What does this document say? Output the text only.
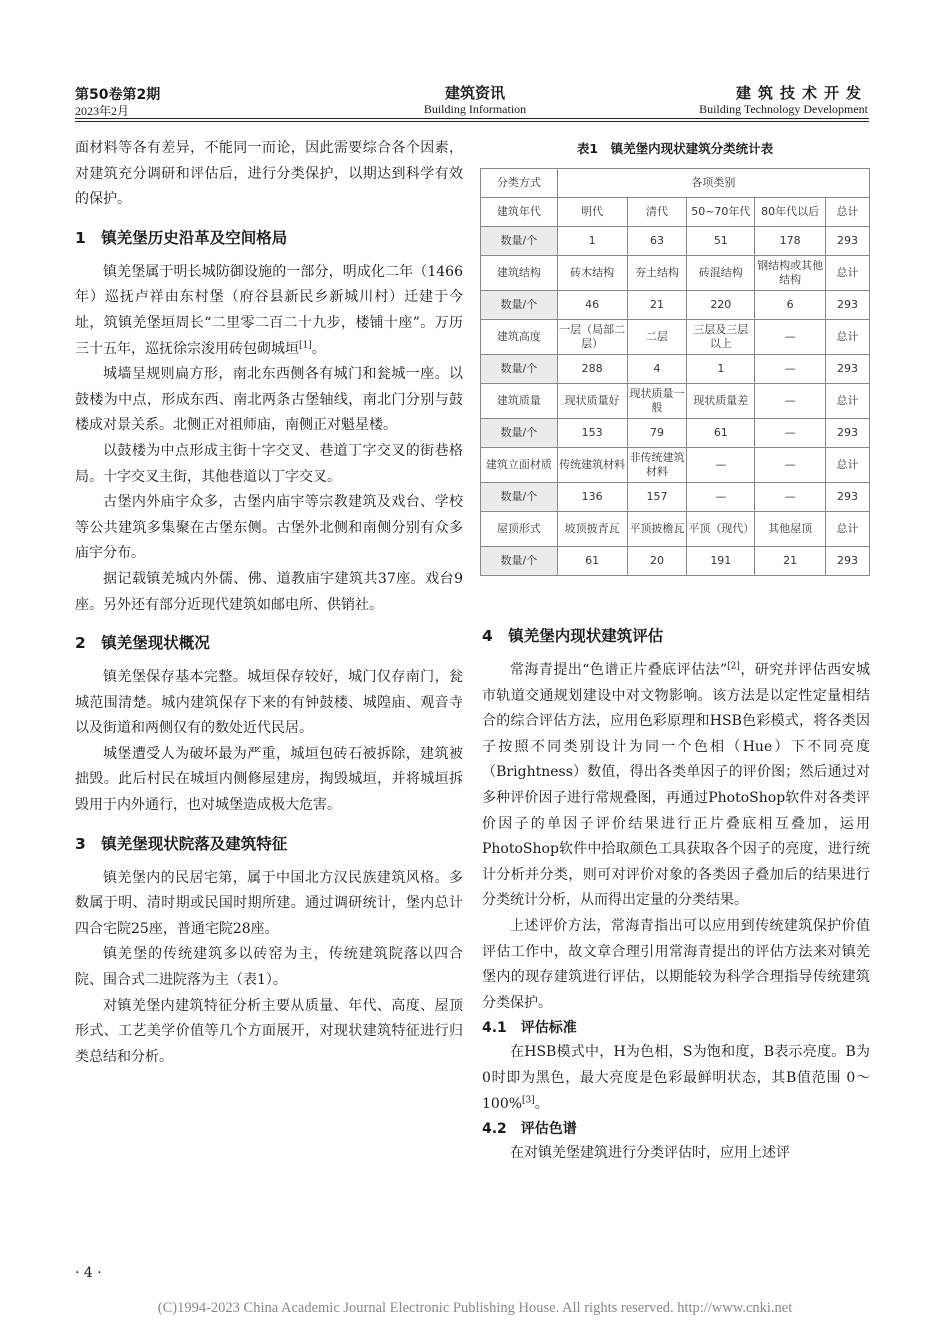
第50卷第2期
2023年2月
建筑资讯
Building Information
建筑技术开发
Building Technology Development

面材料等各有差异，不能同一而论，因此需要综合各个因素，对建筑充分调研和评估后，进行分类保护，以期达到科学有效的保护。

1　镇羌堡历史沿革及空间格局

镇羌堡属于明长城防御设施的一部分，明成化二年（1466年）巡抚卢祥由东村堡（府谷县新民乡新城川村）迁建于今址，筑镇羌堡垣周长“二里零二百二十九步，楼铺十座”。万历三十五年，巡抚徐宗浚用砖包砌城垣[1]。

城墙呈规则扁方形，南北东西侧各有城门和瓮城一座。以鼓楼为中点，形成东西、南北两条古堡轴线，南北门分别与鼓楼成对景关系。北侧正对祖师庙，南侧正对魁星楼。

以鼓楼为中点形成主街十字交叉、巷道丁字交叉的街巷格局。十字交叉主街，其他巷道以丁字交叉。

古堡内外庙宇众多，古堡内庙宇等宗教建筑及戏台、学校等公共建筑多集聚在古堡东侧。古堡外北侧和南侧分别有众多庙宇分布。

据记载镇羌城内外儒、佛、道教庙宇建筑共37座。戏台9座。另外还有部分近现代建筑如邮电所、供销社。

2　镇羌堡现状概况

镇羌堡保存基本完整。城垣保存较好，城门仅存南门，瓮城范围清楚。城内建筑保存下来的有钟鼓楼、城隍庙、观音寺以及街道和两侧仅有的数处近代民居。

城堡遭受人为破坏最为严重，城垣包砖石被拆除，建筑被拙毁。此后村民在城垣内侧修屋建房，掏毁城垣，并将城垣拆毁用于内外通行，也对城堡造成极大危害。

3　镇羌堡现状院落及建筑特征

镇羌堡内的民居宅第，属于中国北方汉民族建筑风格。多数属于明、清时期或民国时期所建。通过调研统计，堡内总计四合宅院25座，普通宅院28座。

镇羌堡的传统建筑多以砖窑为主，传统建筑院落以四合院、围合式二进院落为主（表1）。

对镇羌堡内建筑特征分析主要从质量、年代、高度、屋顶形式、工艺美学价值等几个方面展开，对现状建筑特征进行归类总结和分析。

表1　镇羌堡内现状建筑分类统计表
分类方式	各项类别				
建筑年代	明代	清代	50~70年代	80年代以后	总计
数量/个	1	63	51	178	293
建筑结构	砖木结构	夯土结构	砖混结构	钢结构或其他结构	总计
数量/个	46	21	220	6	293
建筑高度	一层（局部二层）	二层	三层及三层以上	—	总计
数量/个	288	4	1	—	293
建筑质量	现状质量好	现状质量一般	现状质量差	—	总计
数量/个	153	79	61	—	293
建筑立面材质	传统建筑材料	非传统建筑材料	—	—	总计
数量/个	136	157	—	—	293
屋顶形式	坡顶披青瓦	平顶披檐瓦	平顶（现代）	其他屋顶	总计
数量/个	61	20	191	21	293
4　镇羌堡内现状建筑评估

常海青提出“色谱正片叠底评估法”[2]，研究并评估西安城市轨道交通规划建设中对文物影响。该方法是以定性定量相结合的综合评估方法，应用色彩原理和HSB色彩模式，将各类因子按照不同类别设计为同一个色相（Hue）下不同亮度（Brightness）数值，得出各类单因子的评价图；然后通过对多种评价因子进行常规叠图，再通过PhotoShop软件对各类评价因子的单因子评价结果进行正片叠底相互叠加，运用PhotoShop软件中拾取颜色工具获取各个因子的亮度，进行统计分析并分类，则可对评价对象的各类因子叠加后的结果进行分类统计分析，从而得出定量的分类结果。

上述评价方法，常海青指出可以应用到传统建筑保护价值评估工作中，故文章合理引用常海青提出的评估方法来对镇羌堡内的现存建筑进行评估，以期能较为科学合理指导传统建筑分类保护。

4.1　评估标准

在HSB模式中，H为色相，S为饱和度，B表示亮度。B为0时即为黑色，最大亮度是色彩最鲜明状态，其B值范围 0～100%[3]。

4.2　评估色谱

在对镇羌堡建筑进行分类评估时，应用上述评

· 4 ·
(C)1994-2023 China Academic Journal Electronic Publishing House. All rights reserved. http://www.cnki.net
